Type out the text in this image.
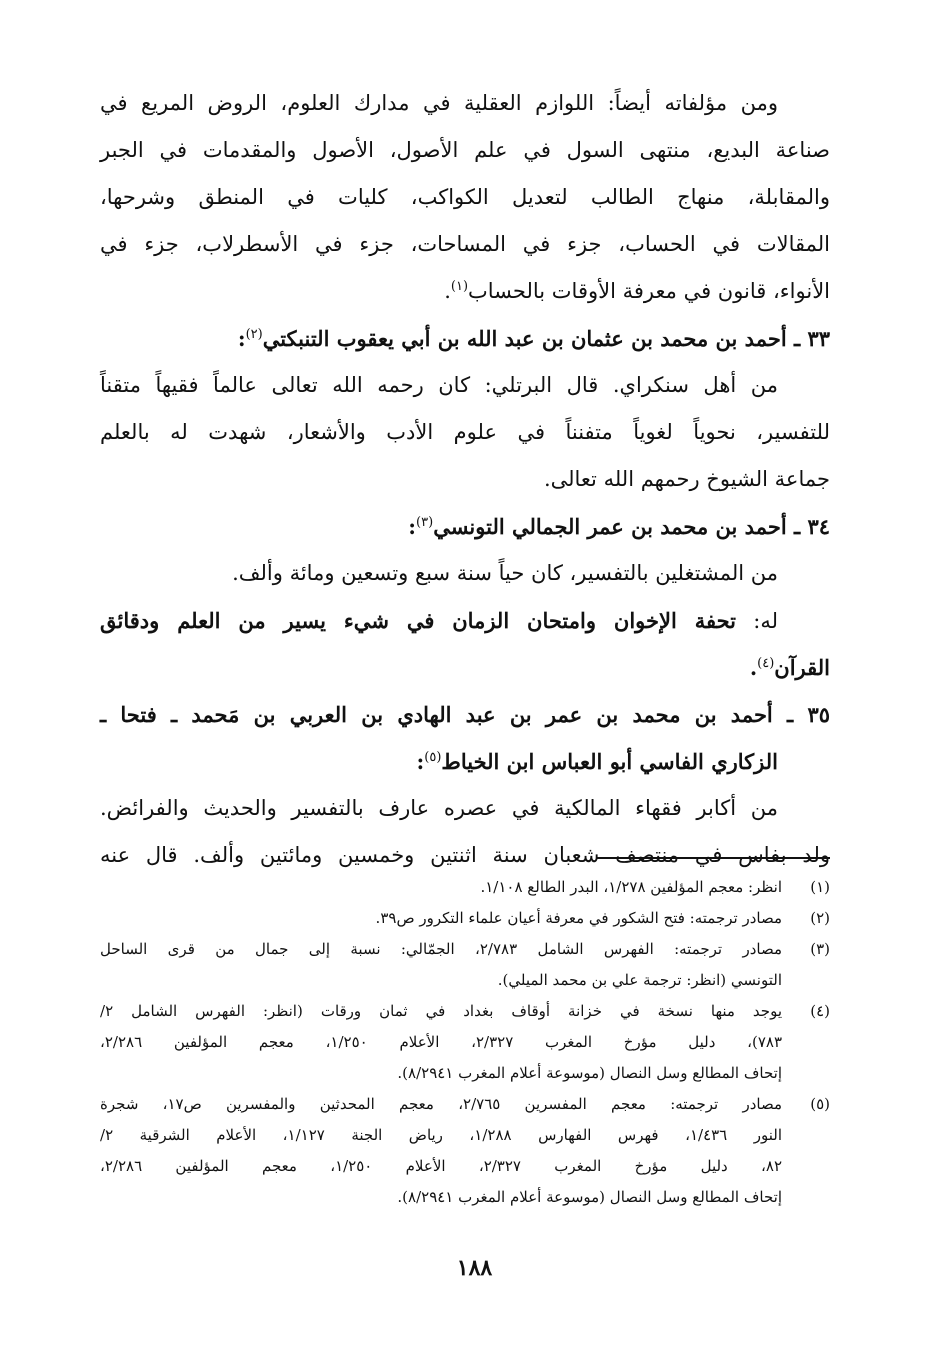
ومن مؤلفاته أيضاً: اللوازم العقلية في مدارك العلوم، الروض المريع في
صناعة البديع، منتهى السول في علم الأصول، الأصول والمقدمات في الجبر
والمقابلة، منهاج الطالب لتعديل الكواكب، كليات في المنطق وشرحها،
المقالات في الحساب، جزء في المساحات، جزء في الأسطرلاب، جزء في
الأنواء، قانون في معرفة الأوقات بالحساب$^{(١)}$.
٣٣ ـ أحمد بن محمد بن عثمان بن عبد الله بن أبي يعقوب التنبكتي$^{(٢)}$:
من أهل سنكراي. قال البرتلي: كان رحمه الله تعالى عالماً فقيهاً متقناً
للتفسير، نحوياً لغوياً متفنناً في علوم الأدب والأشعار، شهدت له بالعلم
جماعة الشيوخ رحمهم الله تعالى.
٣٤ ـ أحمد بن محمد بن عمر الجمالي التونسي$^{(٣)}$:
من المشتغلين بالتفسير، كان حياً سنة سبع وتسعين ومائة وألف.
له: تحفة الإخوان وامتحان الزمان في شيء يسير من العلم ودقائق
القرآن$^{(٤)}$.
٣٥ ـ أحمد بن محمد بن عمر بن عبد الهادي بن العربي بن مَحمد ـ فتحا ـ
الزكاري الفاسي أبو العباس ابن الخياط$^{(٥)}$:
من أكابر فقهاء المالكية في عصره عارف بالتفسير والحديث والفرائض.
ولد بفاس في منتصف شعبان سنة اثنتين وخمسين ومائتين وألف. قال عنه
(١)
انظر: معجم المؤلفين ١/٢٧٨، البدر الطالع ١/١٠٨.
(٢)
مصادر ترجمته: فتح الشكور في معرفة أعيان علماء التكرور ص٣٩.
(٣)
مصادر ترجمته: الفهرس الشامل ٢/٧٨٣، الجمّالي: نسبة إلى جمال من قرى الساحل
التونسي (انظر: ترجمة علي بن محمد الميلي).
(٤)
يوجد منها نسخة في خزانة أوقاف بغداد في ثمان ورقات (انظر: الفهرس الشامل ٢/
٧٨٣)، دليل مؤرخ المغرب ٢/٣٢٧، الأعلام ١/٢٥٠، معجم المؤلفين ٢/٢٨٦،
إتحاف المطالع وسل النصال (موسوعة أعلام المغرب ٨/٢٩٤١).
(٥)
مصادر ترجمته: معجم المفسرين ٢/٧٦٥، معجم المحدثين والمفسرين ص١٧، شجرة
النور ١/٤٣٦، فهرس الفهارس ١/٢٨٨، رياض الجنة ١/١٢٧، الأعلام الشرقية ٢/
٨٢، دليل مؤرخ المغرب ٢/٣٢٧، الأعلام ١/٢٥٠، معجم المؤلفين ٢/٢٨٦،
إتحاف المطالع وسل النصال (موسوعة أعلام المغرب ٨/٢٩٤١).
١٨٨
